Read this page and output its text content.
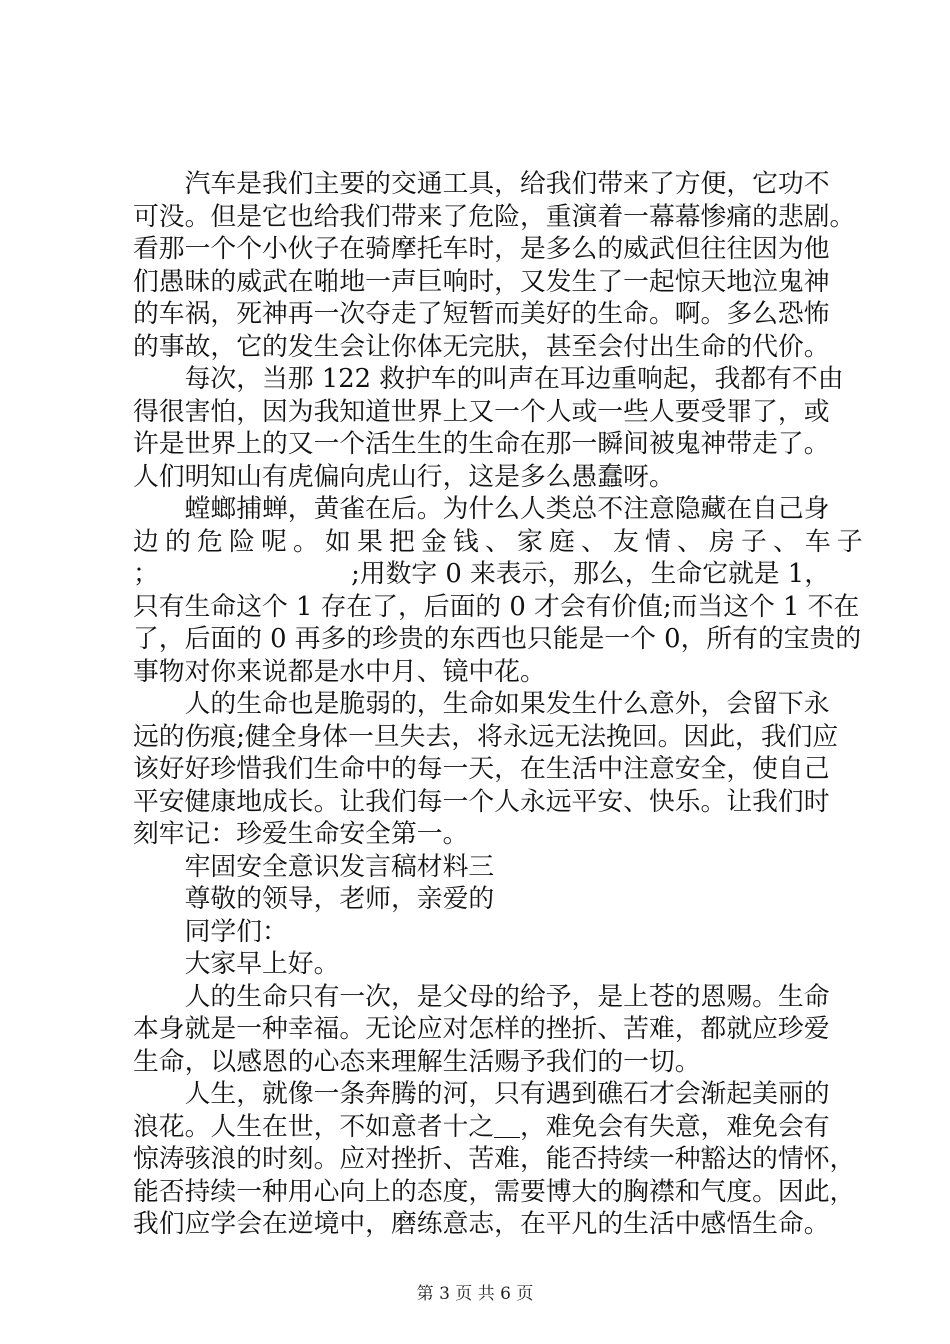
汽车是我们主要的交通工具，给我们带来了方便，它功不
可没。但是它也给我们带来了危险，重演着一幕幕惨痛的悲剧。
看那一个个小伙子在骑摩托车时，是多么的威武但往往因为他
们愚昧的威武在啪地一声巨响时，又发生了一起惊天地泣鬼神
的车祸，死神再一次夺走了短暂而美好的生命。啊。多么恐怖
的事故，它的发生会让你体无完肤，甚至会付出生命的代价。
每次，当那 122 救护车的叫声在耳边重响起，我都有不由
得很害怕，因为我知道世界上又一个人或一些人要受罪了，或
许是世界上的又一个活生生的生命在那一瞬间被鬼神带走了。
人们明知山有虎偏向虎山行，这是多么愚蠢呀。
螳螂捕蝉，黄雀在后。为什么人类总不注意隐藏在自己身
边的危险呢。如果把金钱、家庭、友情、房子、车子
；	;用数字 0 来表示，那么，生命它就是 1，
只有生命这个 1 存在了，后面的 0 才会有价值;而当这个 1 不在
了，后面的 0 再多的珍贵的东西也只能是一个 0，所有的宝贵的
事物对你来说都是水中月、镜中花。
人的生命也是脆弱的，生命如果发生什么意外，会留下永
远的伤痕;健全身体一旦失去，将永远无法挽回。因此，我们应
该好好珍惜我们生命中的每一天，在生活中注意安全，使自己
平安健康地成长。让我们每一个人永远平安、快乐。让我们时
刻牢记：珍爱生命安全第一。
牢固安全意识发言稿材料三
尊敬的领导，老师，亲爱的
同学们：
大家早上好。
人的生命只有一次，是父母的给予，是上苍的恩赐。生命
本身就是一种幸福。无论应对怎样的挫折、苦难，都就应珍爱
生命，以感恩的心态来理解生活赐予我们的一切。
人生，就像一条奔腾的河，只有遇到礁石才会渐起美丽的
浪花。人生在世，不如意者十之＿，难免会有失意，难免会有
惊涛骇浪的时刻。应对挫折、苦难，能否持续一种豁达的情怀，
能否持续一种用心向上的态度，需要博大的胸襟和气度。因此，
我们应学会在逆境中，磨练意志，在平凡的生活中感悟生命。
第 3 页 共 6 页
